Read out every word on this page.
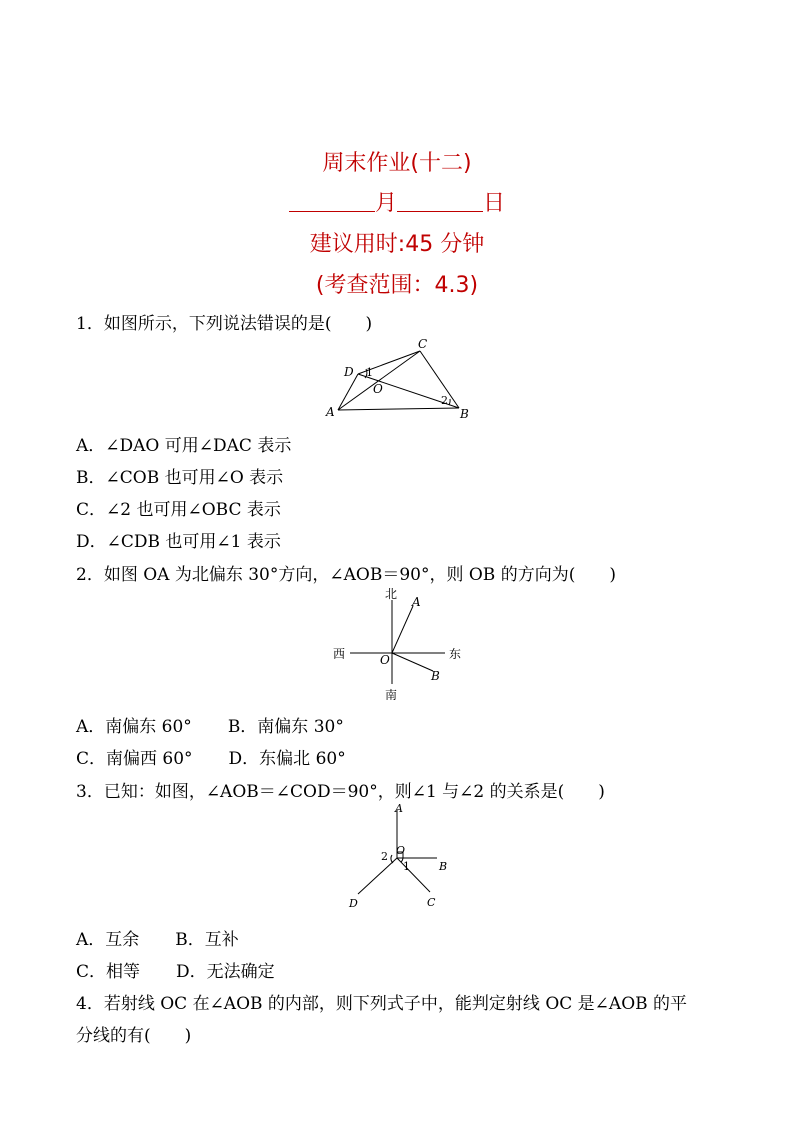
周末作业(十二)
月	日
建议用时:45 分钟
(考查范围：4.3)
1．如图所示，下列说法错误的是(　　)
A	B
C
D
O
1
2
A．∠DAO 可用∠DAC 表示
B．∠COB 也可用∠O 表示
C．∠2 也可用∠OBC 表示
D．∠CDB 也可用∠1 表示
2．如图 OA 为北偏东 30°方向，∠AOB＝90°，则 OB 的方向为(　　)
北
南
西	东
A
B
O
A．南偏东 60° B．南偏东 30°
C．南偏西 60° D．东偏北 60°
3．已知：如图，∠AOB＝∠COD＝90°，则∠1 与∠2 的关系是(　　)
A
B
C
D
O
1
2
A．互余 B．互补
C．相等 D．无法确定
4．若射线 OC 在∠AOB 的内部，则下列式子中，能判定射线 OC 是∠AOB 的平
分线的有(　　)
